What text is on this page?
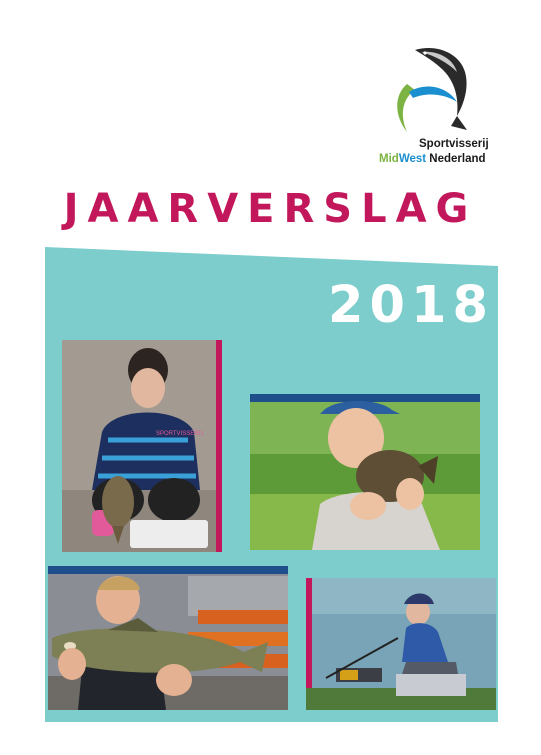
Sportvisserij
MidWest Nederland
JAARVERSLAG
2018
SPORTVISSERIJ
